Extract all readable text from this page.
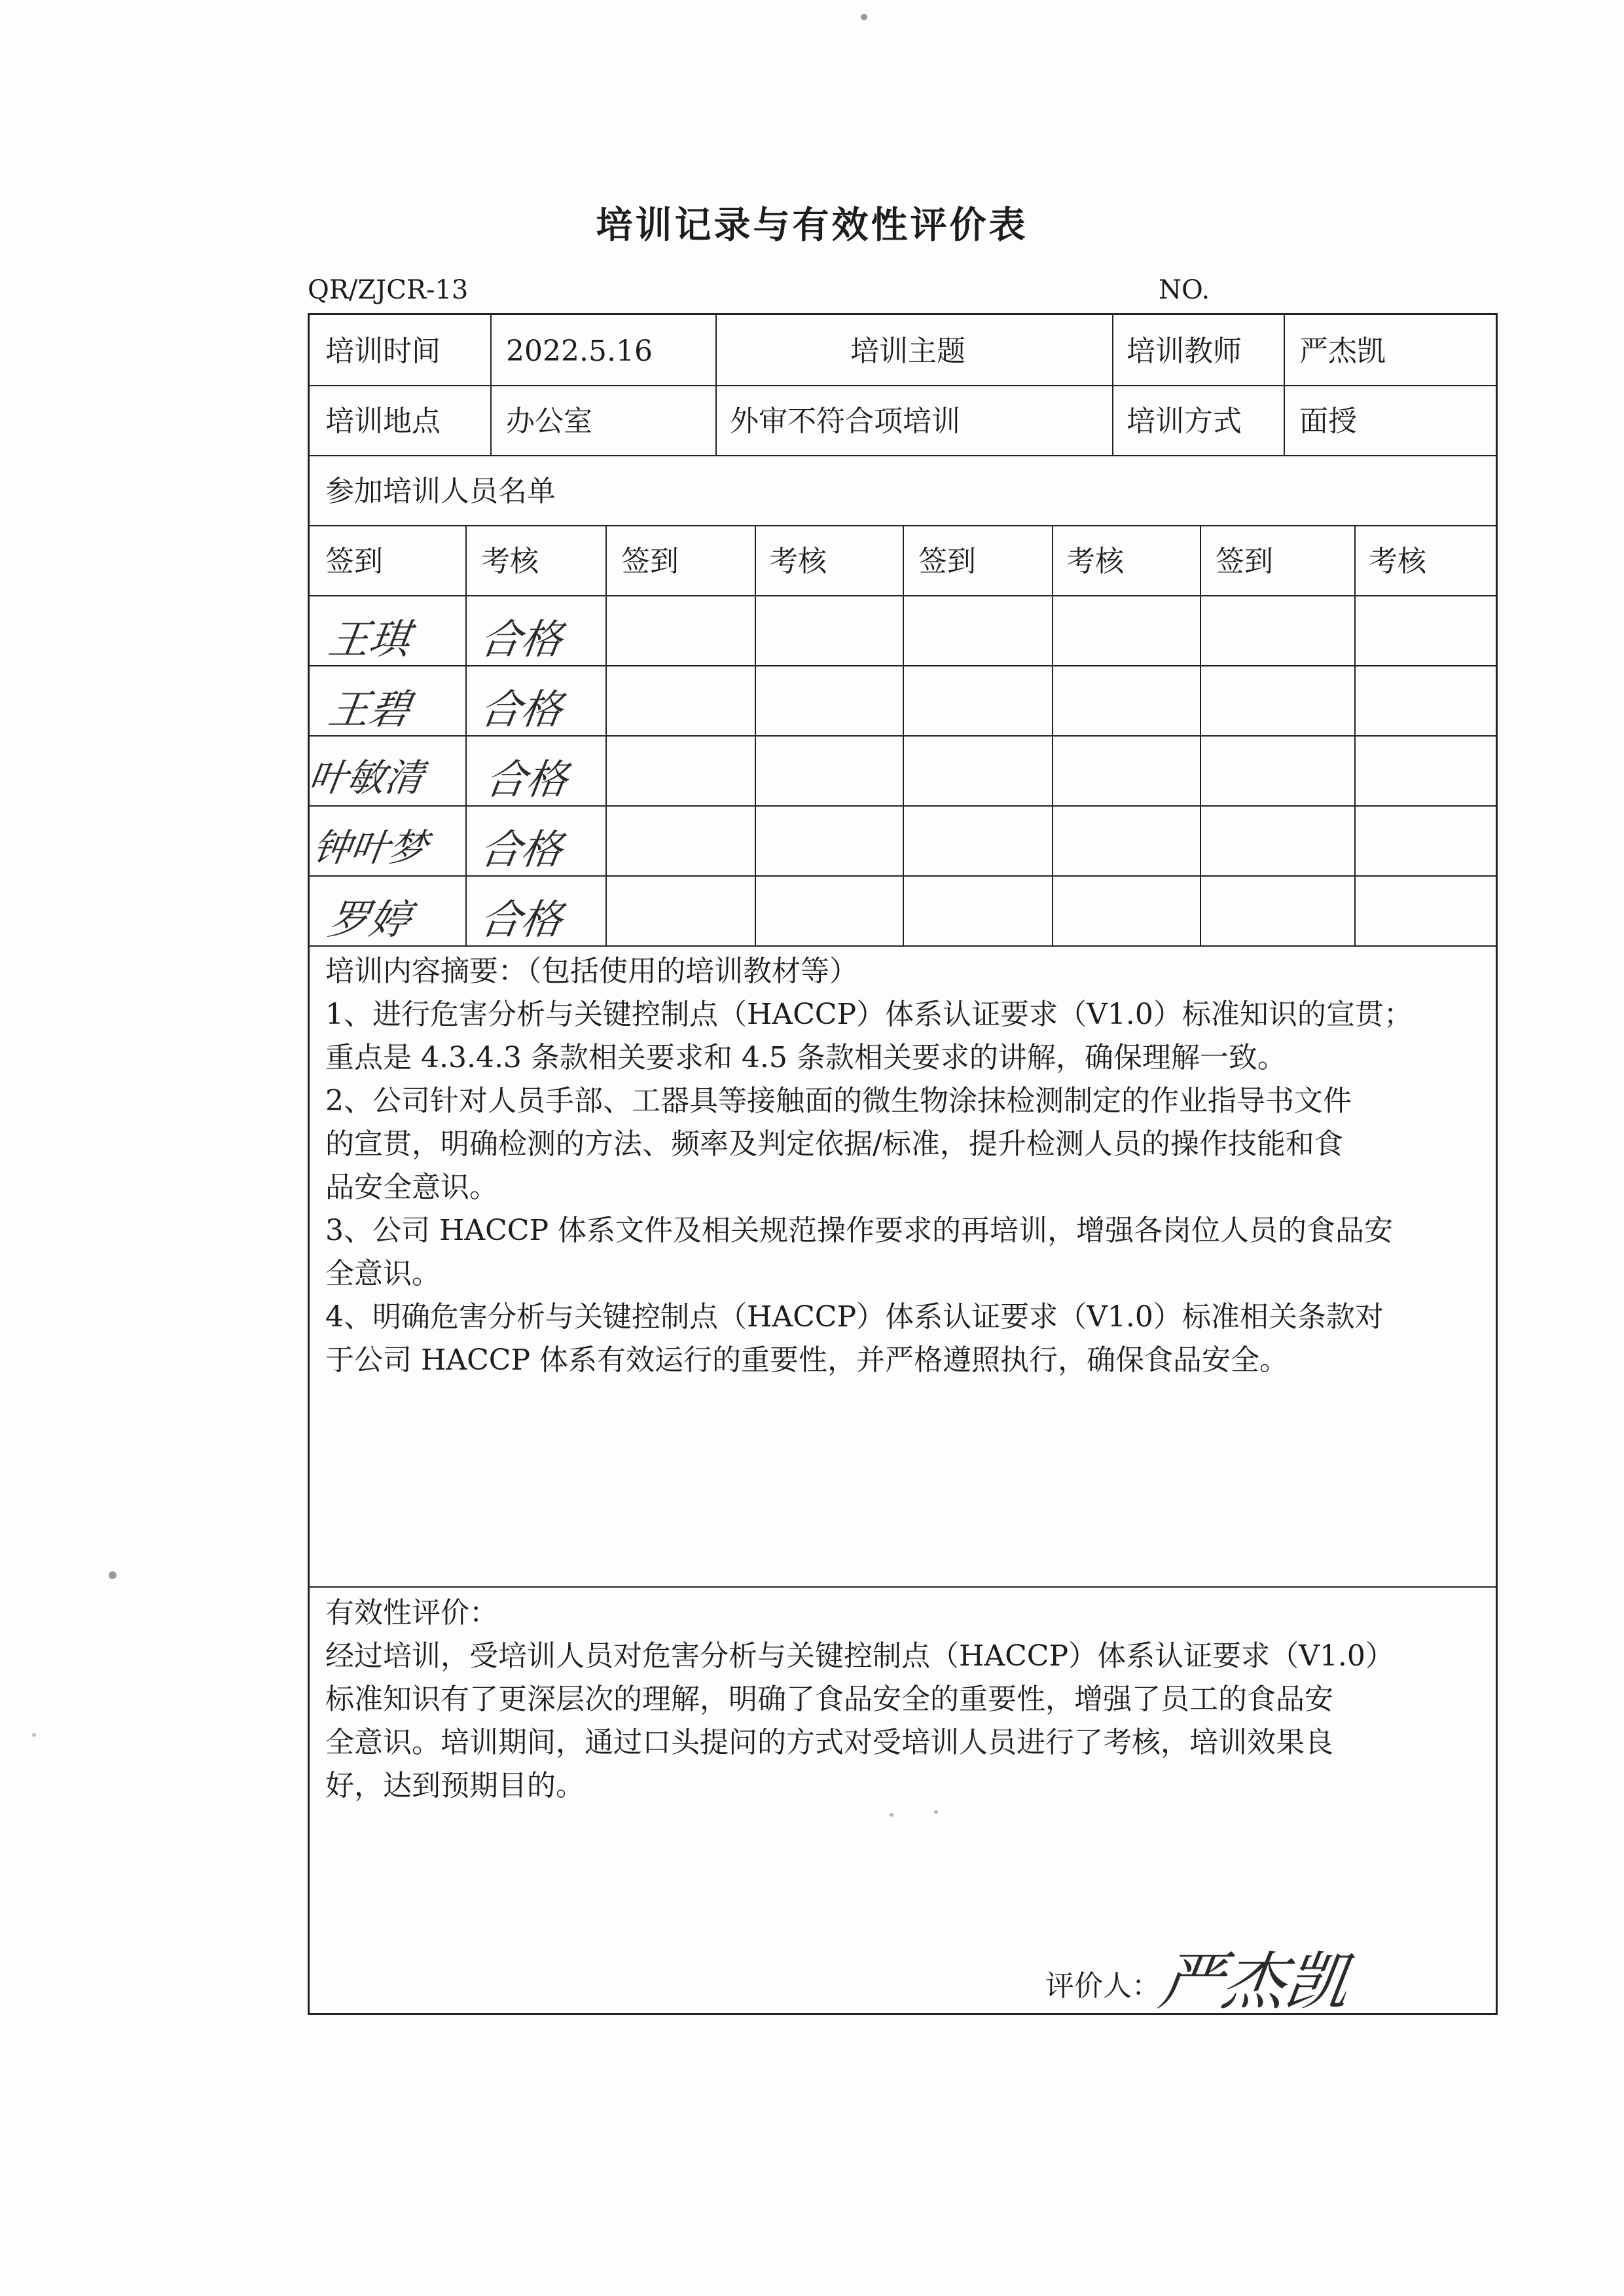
培训记录与有效性评价表
QR/ZJCR-13	NO.
培训时间 2022.5.16	培训主题	培训教师 严杰凯
培训地点 办公室	外审不符合项培训	培训方式 面授
参加培训人员名单
签到	考核	签到	考核	签到	考核	签到	考核
王琪 合格
王碧 合格
叶敏清 合格
钟叶梦 合格
罗婷 合格
培训内容摘要：（包括使用的培训教材等）
1、进行危害分析与关键控制点（HACCP）体系认证要求（V1.0）标准知识的宣贯；
重点是 4.3.4.3 条款相关要求和 4.5 条款相关要求的讲解，确保理解一致。
2、公司针对人员手部、工器具等接触面的微生物涂抹检测制定的作业指导书文件
的宣贯，明确检测的方法、频率及判定依据/标准，提升检测人员的操作技能和食
品安全意识。
3、公司 HACCP 体系文件及相关规范操作要求的再培训，增强各岗位人员的食品安
全意识。
4、明确危害分析与关键控制点（HACCP）体系认证要求（V1.0）标准相关条款对
于公司 HACCP 体系有效运行的重要性，并严格遵照执行，确保食品安全。
有效性评价：
经过培训，受培训人员对危害分析与关键控制点（HACCP）体系认证要求（V1.0）
标准知识有了更深层次的理解，明确了食品安全的重要性，增强了员工的食品安
全意识。培训期间，通过口头提问的方式对受培训人员进行了考核，培训效果良
好，达到预期目的。
评价人：
严杰凯
